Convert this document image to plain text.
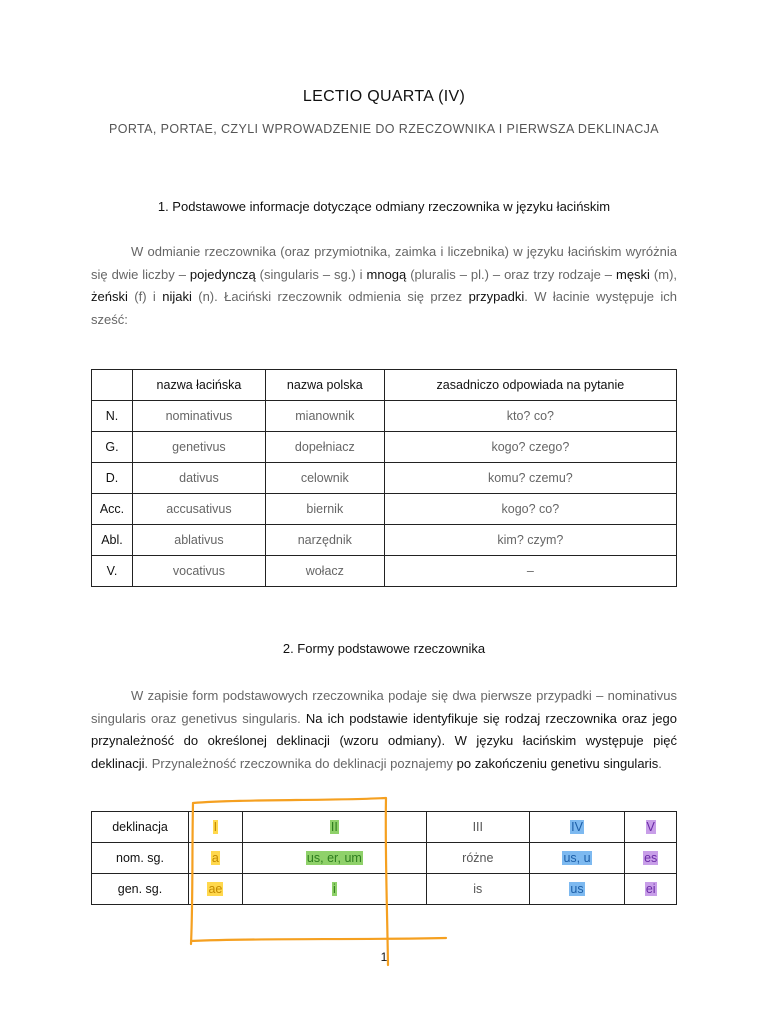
LECTIO QUARTA (IV)
PORTA, PORTAE, CZYLI WPROWADZENIE DO RZECZOWNIKA I PIERWSZA DEKLINACJA
1. Podstawowe informacje dotyczące odmiany rzeczownika w języku łacińskim
W odmianie rzeczownika (oraz przymiotnika, zaimka i liczebnika) w języku łacińskim wyróżnia się dwie liczby – pojedynczą (singularis – sg.) i mnogą (pluralis – pl.) – oraz trzy rodzaje – męski (m), żeński (f) i nijaki (n). Łaciński rzeczownik odmienia się przez przypadki. W łacinie występuje ich sześć:
	nazwa łacińska	nazwa polska	zasadniczo odpowiada na pytanie
N.	nominativus	mianownik	kto? co?
G.	genetivus	dopełniacz	kogo? czego?
D.	dativus	celownik	komu? czemu?
Acc.	accusativus	biernik	kogo? co?
Abl.	ablativus	narzędnik	kim? czym?
V.	vocativus	wołacz	–
2. Formy podstawowe rzeczownika
W zapisie form podstawowych rzeczownika podaje się dwa pierwsze przypadki – nominativus singularis oraz genetivus singularis. Na ich podstawie identyfikuje się rodzaj rzeczownika oraz jego przynależność do określonej deklinacji (wzoru odmiany). W języku łacińskim występuje pięć deklinacji. Przynależność rzeczownika do deklinacji poznajemy po zakończeniu genetivu singularis.
deklinacja	I	II	III	IV	V
nom. sg.	a	us, er, um	różne	us, u	es
gen. sg.	ae	i	is	us	ei
1
